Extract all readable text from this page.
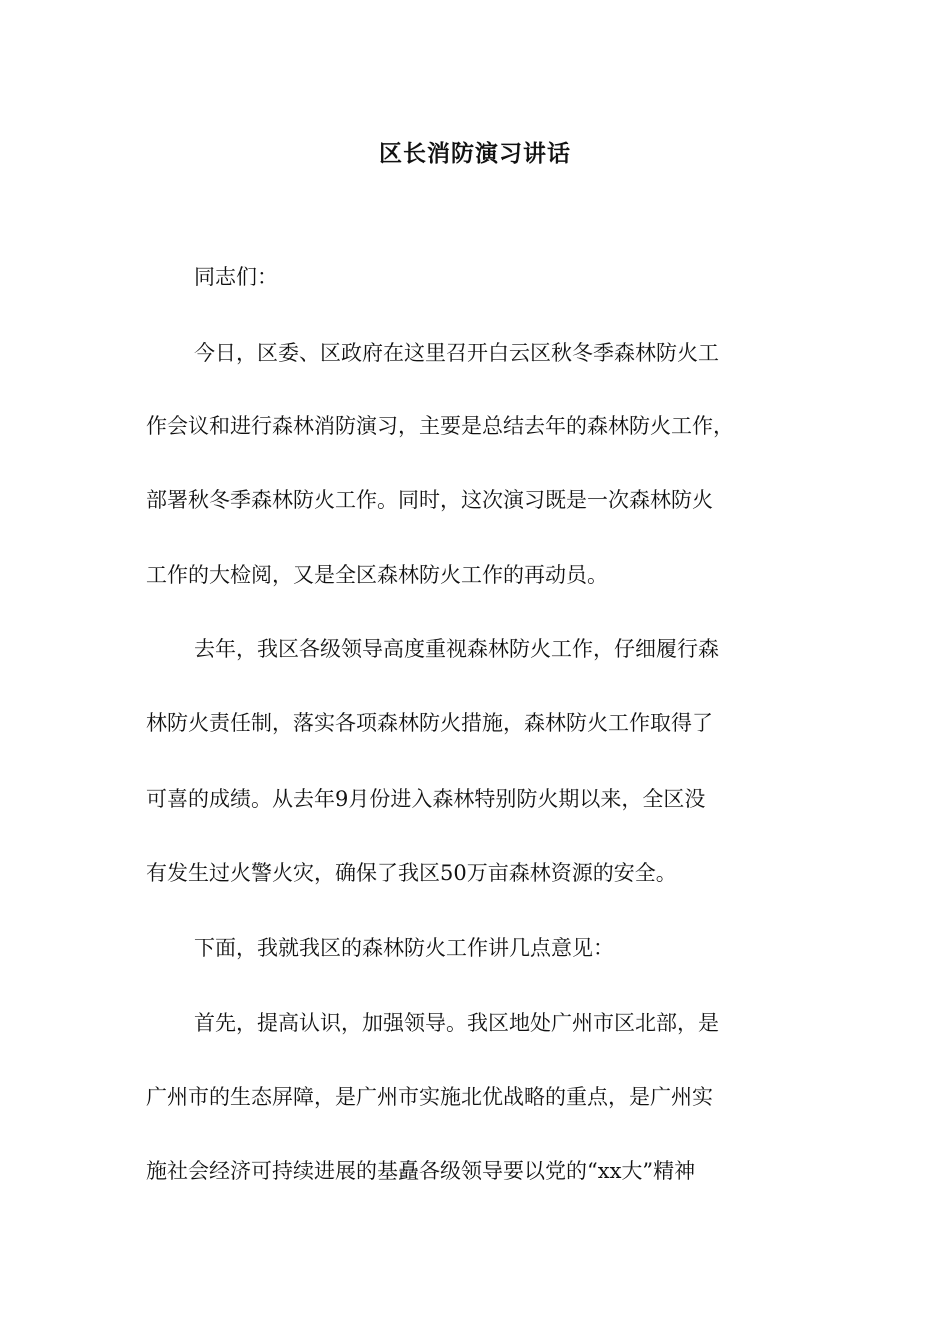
区长消防演习讲话
同志们：
今日，区委、区政府在这里召开白云区秋冬季森林防火工
作会议和进行森林消防演习，主要是总结去年的森林防火工作，
部署秋冬季森林防火工作。同时，这次演习既是一次森林防火
工作的大检阅，又是全区森林防火工作的再动员。
去年，我区各级领导高度重视森林防火工作，仔细履行森
林防火责任制，落实各项森林防火措施，森林防火工作取得了
可喜的成绩。从去年9月份进入森林特别防火期以来，全区没
有发生过火警火灾，确保了我区50万亩森林资源的安全。
下面，我就我区的森林防火工作讲几点意见：
首先，提高认识，加强领导。我区地处广州市区北部，是
广州市的生态屏障，是广州市实施北优战略的重点，是广州实
施社会经济可持续进展的基矗各级领导要以党的“xx大”精神
